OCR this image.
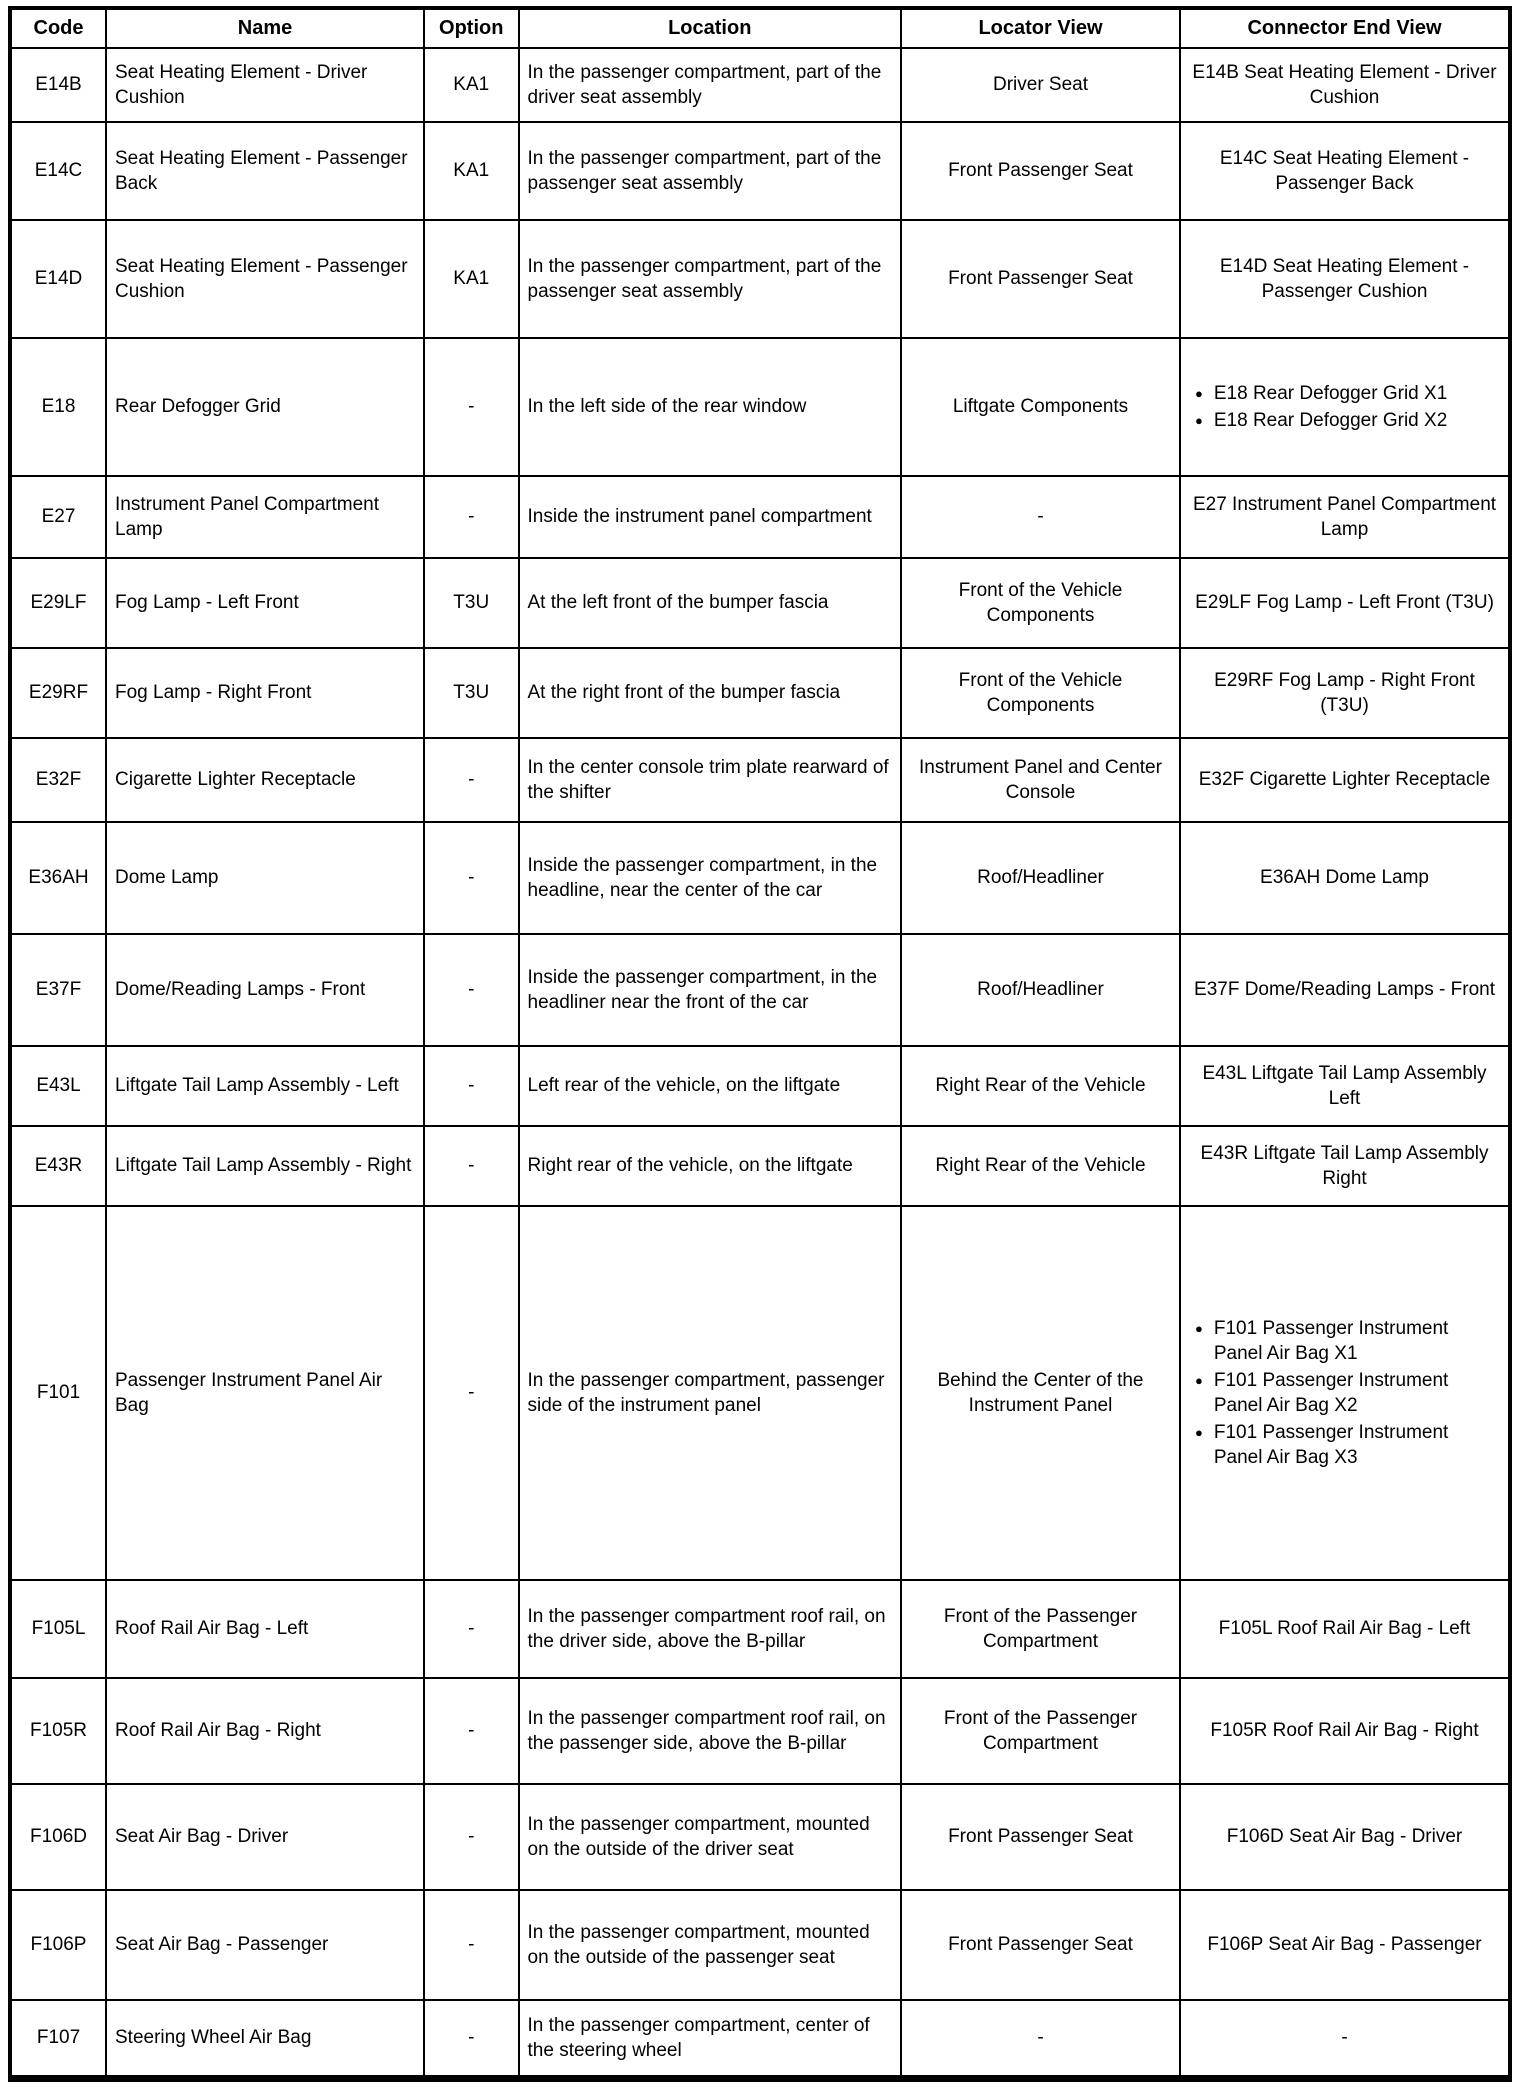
Code	Name	Option	Location	Locator View	Connector End View
E14B	Seat Heating Element - Driver Cushion	KA1	In the passenger compartment, part of the driver seat assembly	Driver Seat	E14B Seat Heating Element - Driver Cushion
E14C	Seat Heating Element - Passenger Back	KA1	In the passenger compartment, part of the passenger seat assembly	Front Passenger Seat	E14C Seat Heating Element - Passenger Back
E14D	Seat Heating Element - Passenger Cushion	KA1	In the passenger compartment, part of the passenger seat assembly	Front Passenger Seat	E14D Seat Heating Element - Passenger Cushion
E18	Rear Defogger Grid	-	In the left side of the rear window	Liftgate Components	● E18 Rear Defogger Grid X1
● E18 Rear Defogger Grid X2

E27	Instrument Panel Compartment Lamp	-	Inside the instrument panel compartment	-	E27 Instrument Panel Compartment Lamp
E29LF	Fog Lamp - Left Front	T3U	At the left front of the bumper fascia	Front of the Vehicle Components	E29LF Fog Lamp - Left Front (T3U)
E29RF	Fog Lamp - Right Front	T3U	At the right front of the bumper fascia	Front of the Vehicle Components	E29RF Fog Lamp - Right Front (T3U)
E32F	Cigarette Lighter Receptacle	-	In the center console trim plate rearward of the shifter	Instrument Panel and Center Console	E32F Cigarette Lighter Receptacle
E36AH	Dome Lamp	-	Inside the passenger compartment, in the headline, near the center of the car	Roof/Headliner	E36AH Dome Lamp
E37F	Dome/Reading Lamps - Front	-	Inside the passenger compartment, in the headliner near the front of the car	Roof/Headliner	E37F Dome/Reading Lamps - Front
E43L	Liftgate Tail Lamp Assembly - Left	-	Left rear of the vehicle, on the liftgate	Right Rear of the Vehicle	E43L Liftgate Tail Lamp Assembly Left
E43R	Liftgate Tail Lamp Assembly - Right	-	Right rear of the vehicle, on the liftgate	Right Rear of the Vehicle	E43R Liftgate Tail Lamp Assembly Right
F101	Passenger Instrument Panel Air Bag	-	In the passenger compartment, passenger side of the instrument panel	Behind the Center of the Instrument Panel	
● F101 Passenger Instrument Panel Air Bag X1
● F101 Passenger Instrument Panel Air Bag X2
● F101 Passenger Instrument Panel Air Bag X3

F105L	Roof Rail Air Bag - Left	-	In the passenger compartment roof rail, on the driver side, above the B-pillar	Front of the Passenger Compartment	F105L Roof Rail Air Bag - Left
F105R	Roof Rail Air Bag - Right	-	In the passenger compartment roof rail, on the passenger side, above the B-pillar	Front of the Passenger Compartment	F105R Roof Rail Air Bag - Right
F106D	Seat Air Bag - Driver	-	In the passenger compartment, mounted on the outside of the driver seat	Front Passenger Seat	F106D Seat Air Bag - Driver
F106P	Seat Air Bag - Passenger	-	In the passenger compartment, mounted on the outside of the passenger seat	Front Passenger Seat	F106P Seat Air Bag - Passenger
F107	Steering Wheel Air Bag	-	In the passenger compartment, center of the steering wheel	-	-
